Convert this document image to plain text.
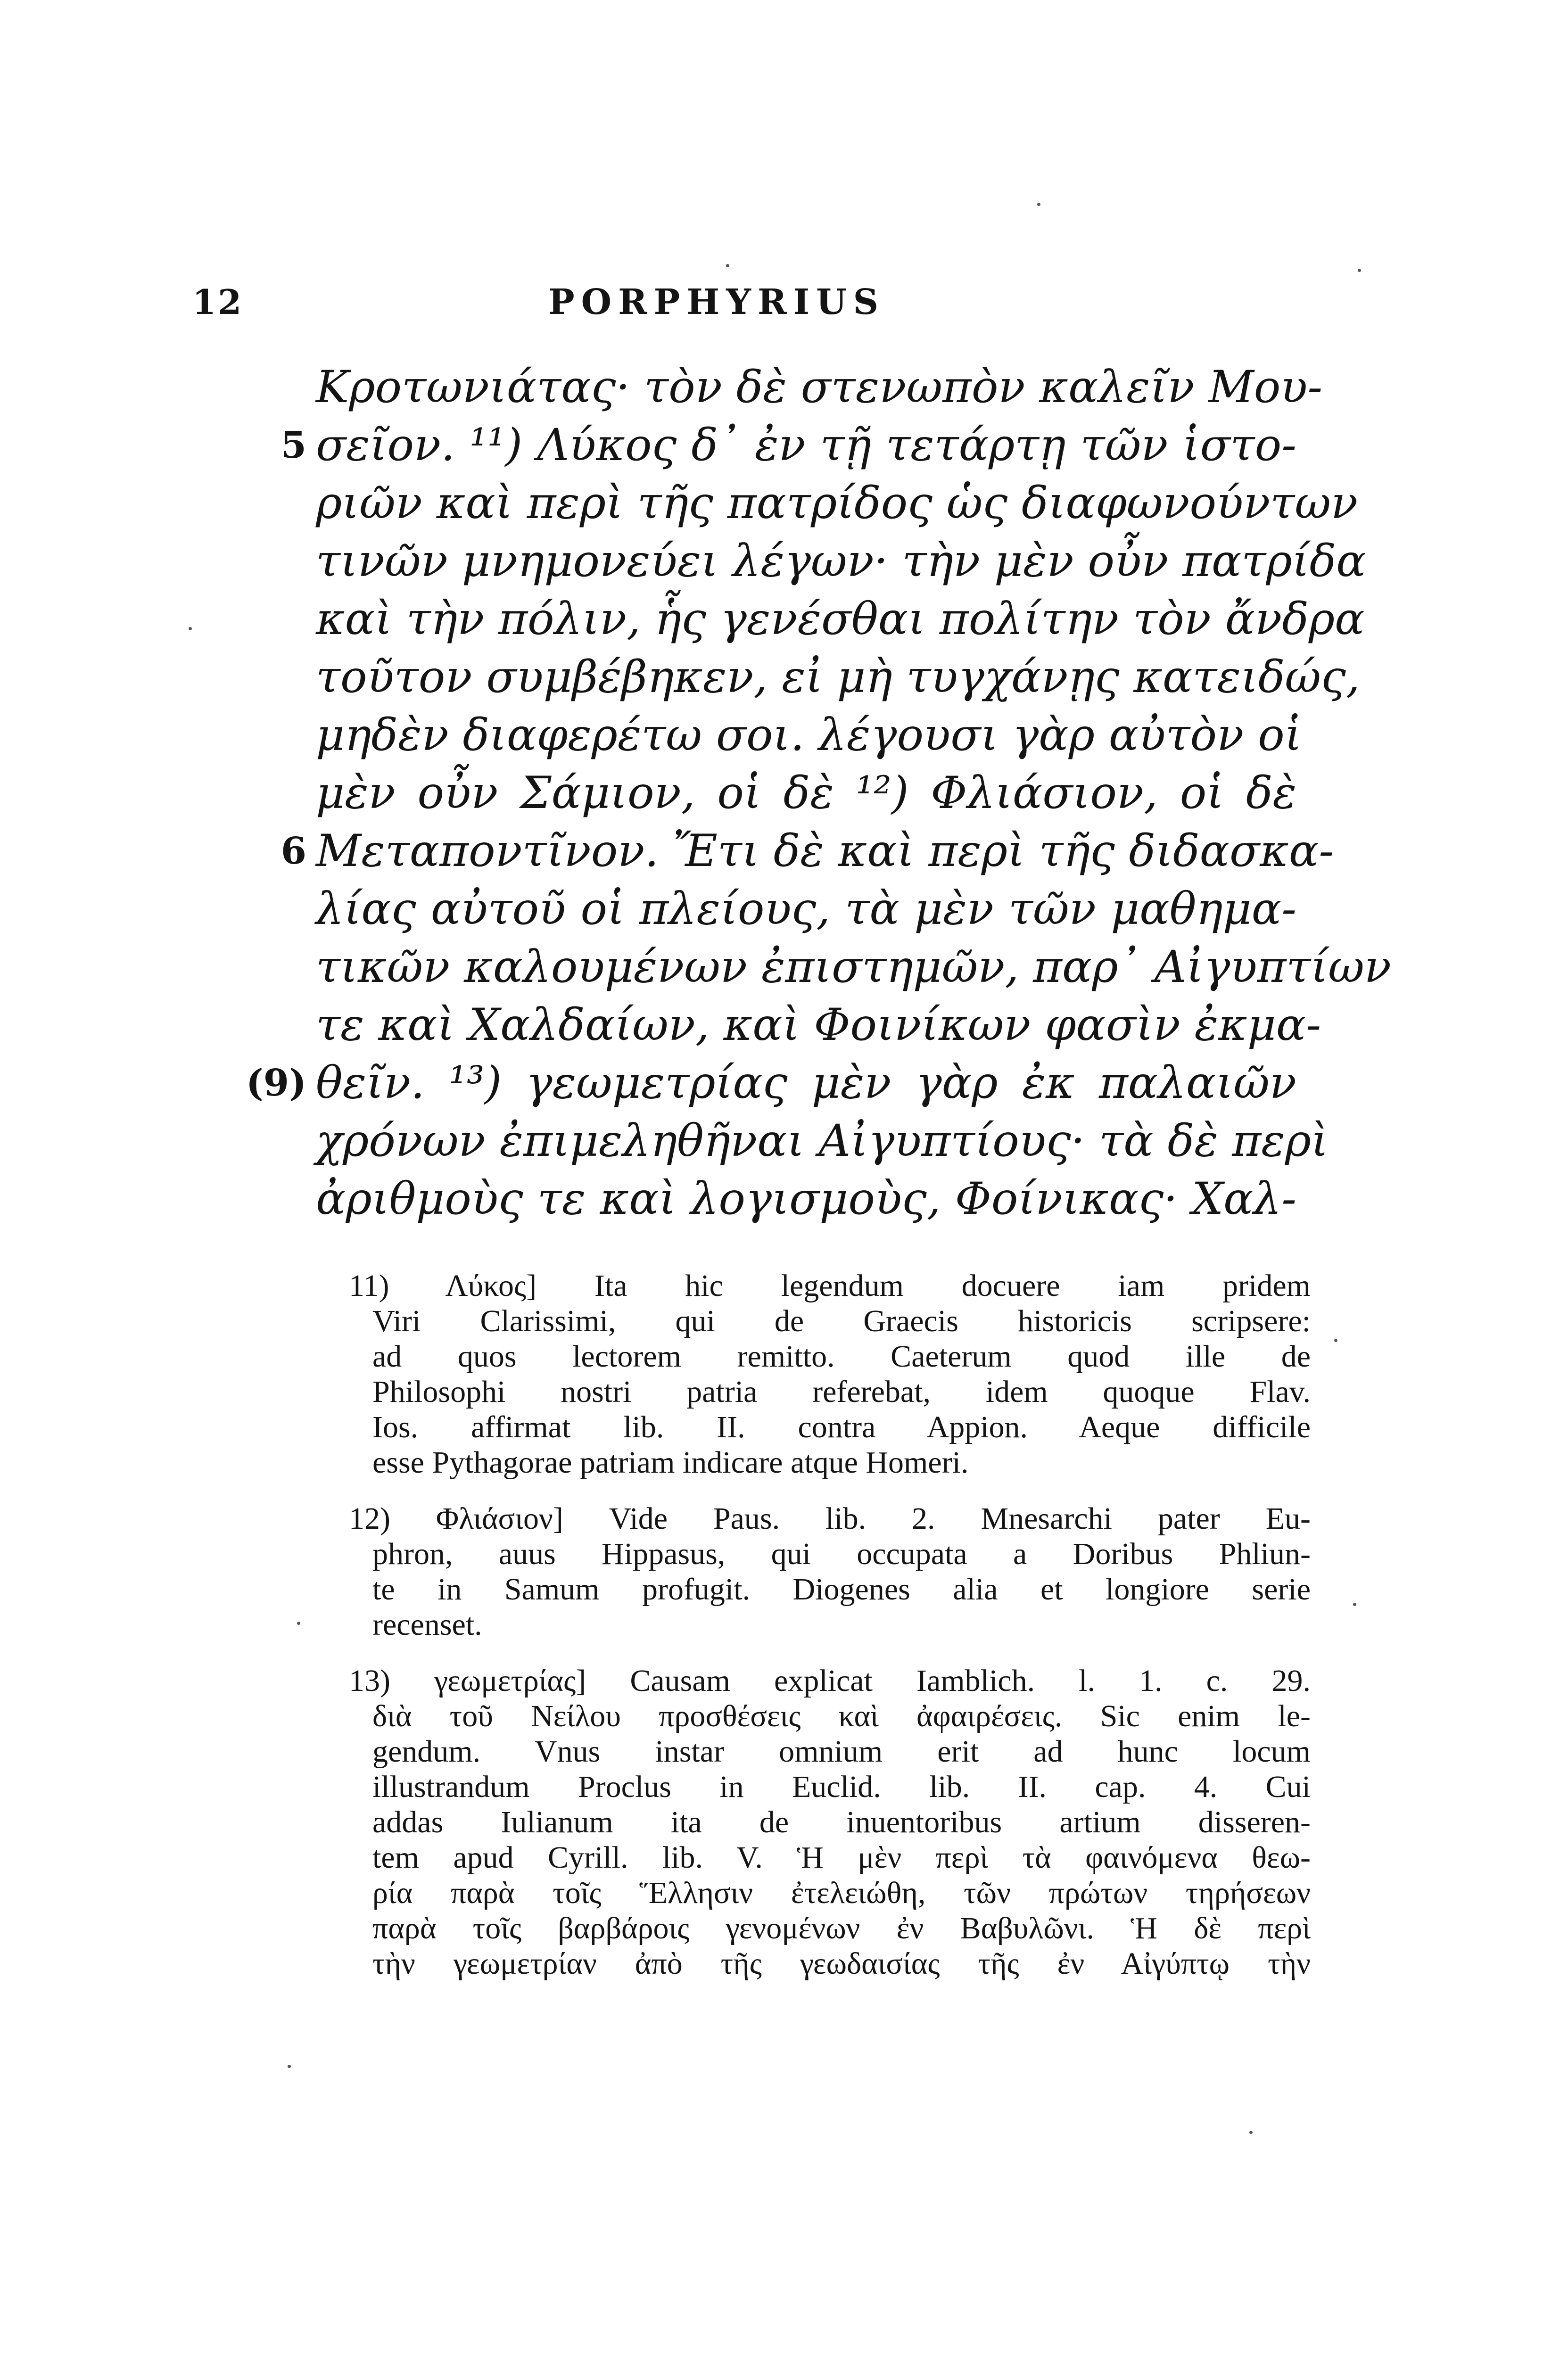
12	PORPHYRIUS
Κροτωνιάτας· τὸν δὲ στενωπὸν καλεῖν Μου-
5 σεῖον. ¹¹) Λύκος δ᾽ ἐν τῇ τετάρτῃ τῶν ἱστο-
ριῶν καὶ περὶ τῆς πατρίδος ὡς διαφωνούντων
τινῶν μνημονεύει λέγων· τὴν μὲν οὖν πατρίδα
καὶ τὴν πόλιν, ἧς γενέσθαι πολίτην τὸν ἄνδρα
τοῦτον συμβέβηκεν, εἰ μὴ τυγχάνῃς κατειδώς,
μηδὲν διαφερέτω σοι. λέγουσι γὰρ αὐτὸν οἱ
μὲν οὖν Σάμιον, οἱ δὲ ¹²) Φλιάσιον, οἱ δὲ
6 Μεταποντῖνον. Ἔτι δὲ καὶ περὶ τῆς διδασκα-
λίας αὐτοῦ οἱ πλείους, τὰ μὲν τῶν μαθημα-
τικῶν καλουμένων ἐπιστημῶν, παρ᾽ Αἰγυπτίων
τε καὶ Χαλδαίων, καὶ Φοινίκων φασὶν ἐκμα-
(9) θεῖν. ¹³) γεωμετρίας μὲν γὰρ ἐκ παλαιῶν
χρόνων ἐπιμεληθῆναι Αἰγυπτίους· τὰ δὲ περὶ
ἀριθμοὺς τε καὶ λογισμοὺς, Φοίνικας· Χαλ-
11) Λύκος] Ita hic legendum docuere iam pridem
Viri Clarissimi, qui de Graecis historicis scripsere:
ad quos lectorem remitto. Caeterum quod ille de
Philosophi nostri patria referebat, idem quoque Flav.
Ios. affirmat lib. II. contra Appion. Aeque difficile
esse Pythagorae patriam indicare atque Homeri.
12) Φλιάσιον] Vide Paus. lib. 2. Mnesarchi pater Eu-
phron, auus Hippasus, qui occupata a Doribus Phliun-
te in Samum profugit. Diogenes alia et longiore serie
recenset.
13) γεωμετρίας] Causam explicat Iamblich. l. 1. c. 29.
διὰ τοῦ Νείλου προσθέσεις καὶ ἀφαιρέσεις. Sic enim le-
gendum. Vnus instar omnium erit ad hunc locum
illustrandum Proclus in Euclid. lib. II. cap. 4. Cui
addas Iulianum ita de inuentoribus artium disseren-
tem apud Cyrill. lib. V. Ἡ μὲν περὶ τὰ φαινόμενα θεω-
ρία παρὰ τοῖς Ἕλλησιν ἐτελειώθη, τῶν πρώτων τηρήσεων
παρὰ τοῖς βαρβάροις γενομένων ἐν Βαβυλῶνι. Ἡ δὲ περὶ
τὴν γεωμετρίαν ἀπὸ τῆς γεωδαισίας τῆς ἐν Αἰγύπτῳ τὴν
